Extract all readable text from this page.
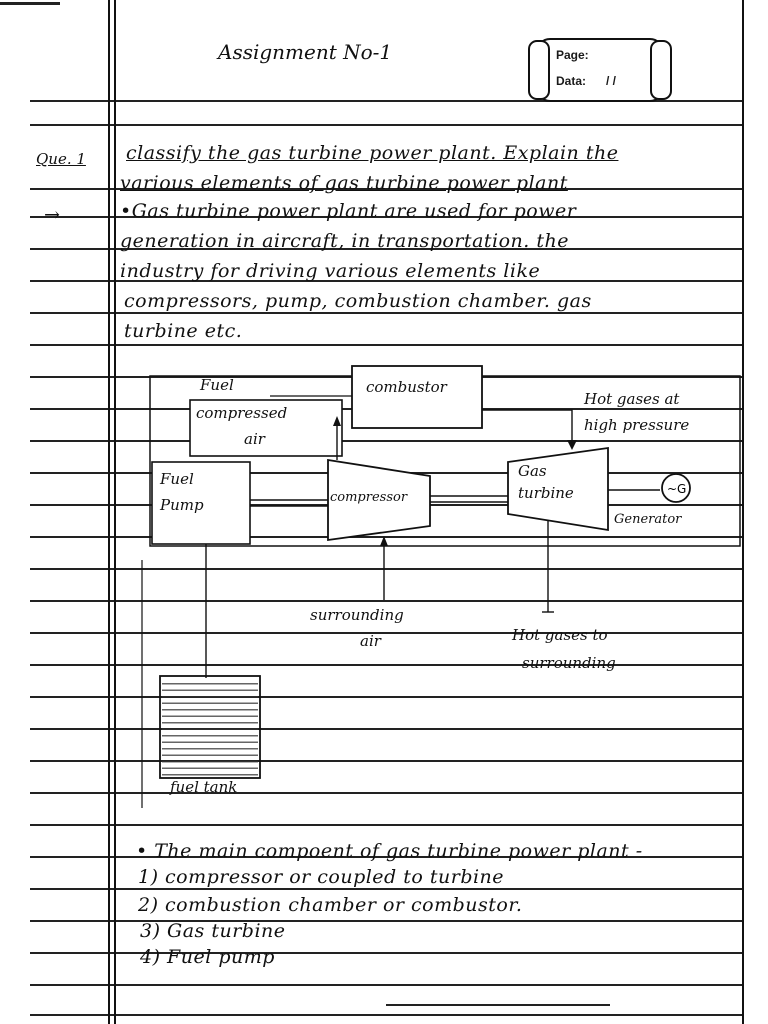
Assignment No-1	Page:
Data: / /
Que. 1
→
classify the gas turbine power plant. Explain the
various elements of gas turbine power plant
•Gas turbine power plant are used for power
generation in aircraft, in transportation. the
industry for driving various elements like
compressors, pump, combustion chamber. gas
turbine etc.
~G
Fuel
compressed
air
combustor
Hot gases at
high pressure
Fuel
Pump	compressor
Gas
turbine
Generator
surrounding
air	Hot gases to
surrounding
fuel tank
• The main compoent of gas turbine power plant -
1) compressor or coupled to turbine
2) combustion chamber or combustor.
3) Gas turbine
4) Fuel pump
